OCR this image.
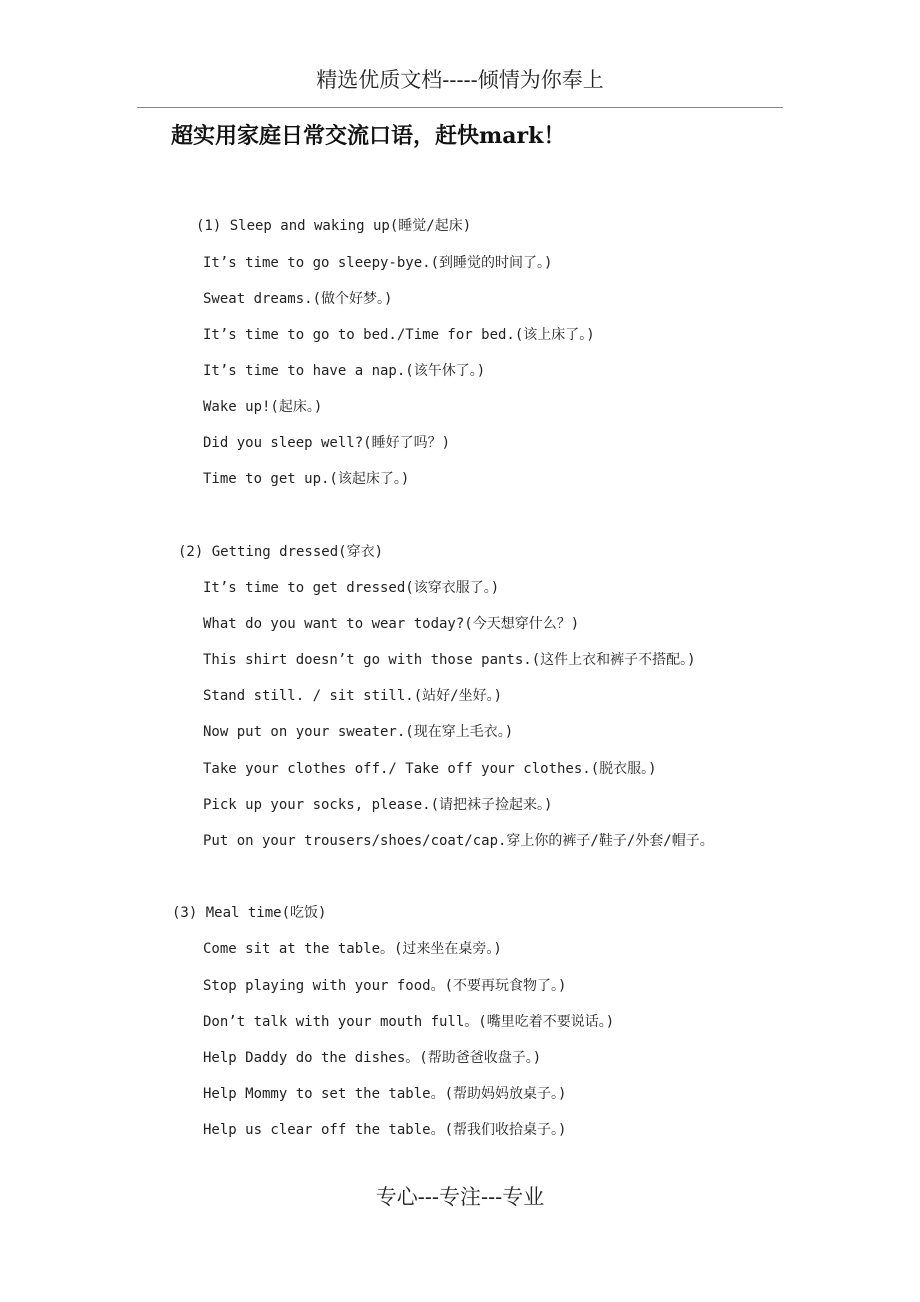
精选优质文档-----倾情为你奉上
超实用家庭日常交流口语，赶快mark！
(1) Sleep and waking up(睡觉/起床)
It’s time to go sleepy-bye.(到睡觉的时间了。)
Sweat dreams.(做个好梦。)
It’s time to go to bed./Time for bed.(该上床了。)
It’s time to have a nap.(该午休了。)
Wake up!(起床。)
Did you sleep well?(睡好了吗？)
Time to get up.(该起床了。)
(2) Getting dressed(穿衣)
It’s time to get dressed(该穿衣服了。)
What do you want to wear today?(今天想穿什么？)
This shirt doesn’t go with those pants.(这件上衣和裤子不搭配。)
Stand still. / sit still.(站好/坐好。)
Now put on your sweater.(现在穿上毛衣。)
Take your clothes off./ Take off your clothes.(脱衣服。)
Pick up your socks, please.(请把袜子捡起来。)
Put on your trousers/shoes/coat/cap.穿上你的裤子/鞋子/外套/帽子。
(3) Meal time(吃饭)
Come sit at the table。(过来坐在桌旁。)
Stop playing with your food。(不要再玩食物了。)
Don’t talk with your mouth full。(嘴里吃着不要说话。)
Help Daddy do the dishes。(帮助爸爸收盘子。)
Help Mommy to set the table。(帮助妈妈放桌子。)
Help us clear off the table。(帮我们收拾桌子。)
专心---专注---专业
